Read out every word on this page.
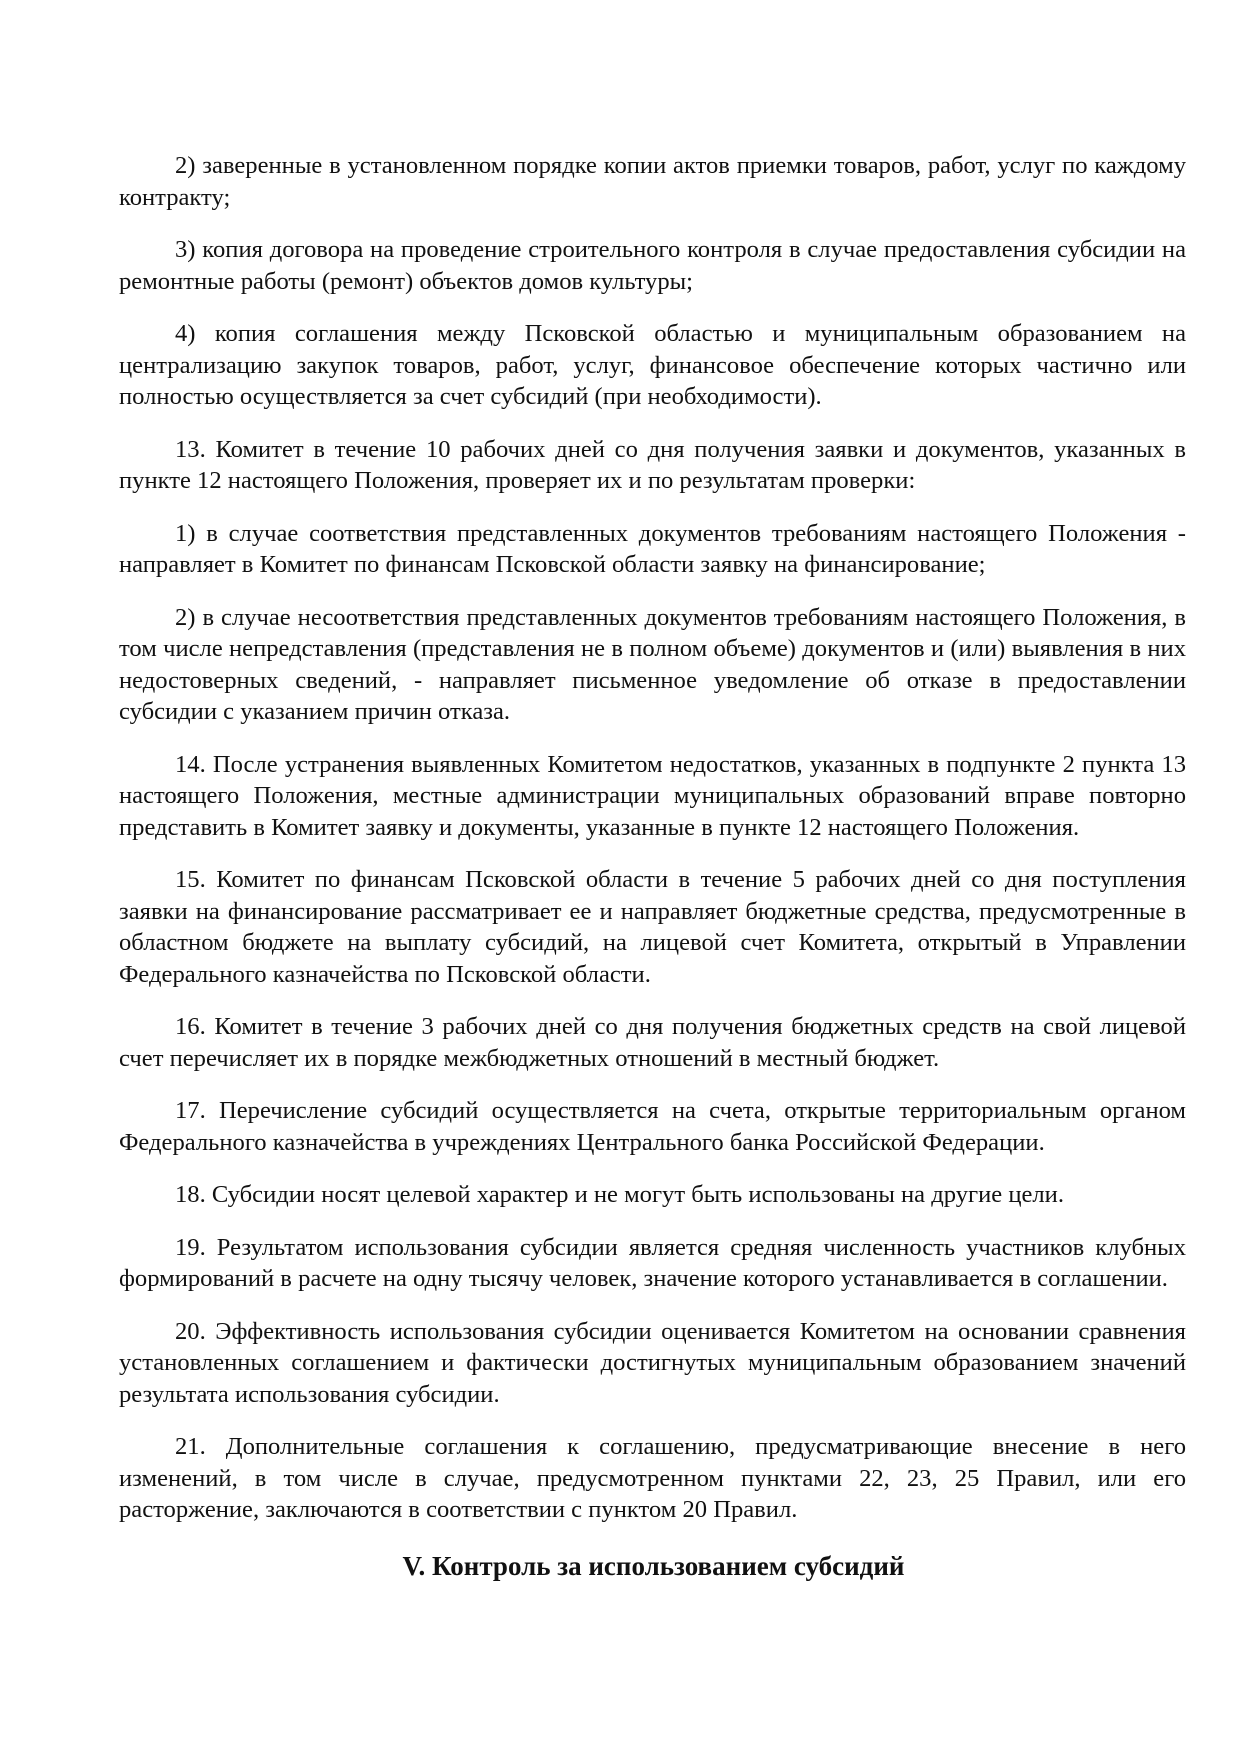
2) заверенные в установленном порядке копии актов приемки товаров, работ, услуг по каждому контракту;

3) копия договора на проведение строительного контроля в случае предоставления субсидии на ремонтные работы (ремонт) объектов домов культуры;

4) копия соглашения между Псковской областью и муниципальным образованием на централизацию закупок товаров, работ, услуг, финансовое обеспечение которых частично или полностью осуществляется за счет субсидий (при необходимости).

13. Комитет в течение 10 рабочих дней со дня получения заявки и документов, указанных в пункте 12 настоящего Положения, проверяет их и по результатам проверки:

1) в случае соответствия представленных документов требованиям настоящего Положения - направляет в Комитет по финансам Псковской области заявку на финансирование;

2) в случае несоответствия представленных документов требованиям настоящего Положения, в том числе непредставления (представления не в полном объеме) документов и (или) выявления в них недостоверных сведений, - направляет письменное уведомление об отказе в предоставлении субсидии с указанием причин отказа.

14. После устранения выявленных Комитетом недостатков, указанных в подпункте 2 пункта 13 настоящего Положения, местные администрации муниципальных образований вправе повторно представить в Комитет заявку и документы, указанные в пункте 12 настоящего Положения.

15. Комитет по финансам Псковской области в течение 5 рабочих дней со дня поступления заявки на финансирование рассматривает ее и направляет бюджетные средства, предусмотренные в областном бюджете на выплату субсидий, на лицевой счет Комитета, открытый в Управлении Федерального казначейства по Псковской области.

16. Комитет в течение 3 рабочих дней со дня получения бюджетных средств на свой лицевой счет перечисляет их в порядке межбюджетных отношений в местный бюджет.

17. Перечисление субсидий осуществляется на счета, открытые территориальным органом Федерального казначейства в учреждениях Центрального банка Российской Федерации.

18. Субсидии носят целевой характер и не могут быть использованы на другие цели.

19. Результатом использования субсидии является средняя численность участников клубных формирований в расчете на одну тысячу человек, значение которого устанавливается в соглашении.

20. Эффективность использования субсидии оценивается Комитетом на основании сравнения установленных соглашением и фактически достигнутых муниципальным образованием значений результата использования субсидии.

21. Дополнительные соглашения к соглашению, предусматривающие внесение в него изменений, в том числе в случае, предусмотренном пунктами 22, 23, 25 Правил, или его расторжение, заключаются в соответствии с пунктом 20 Правил.

V. Контроль за использованием субсидий
